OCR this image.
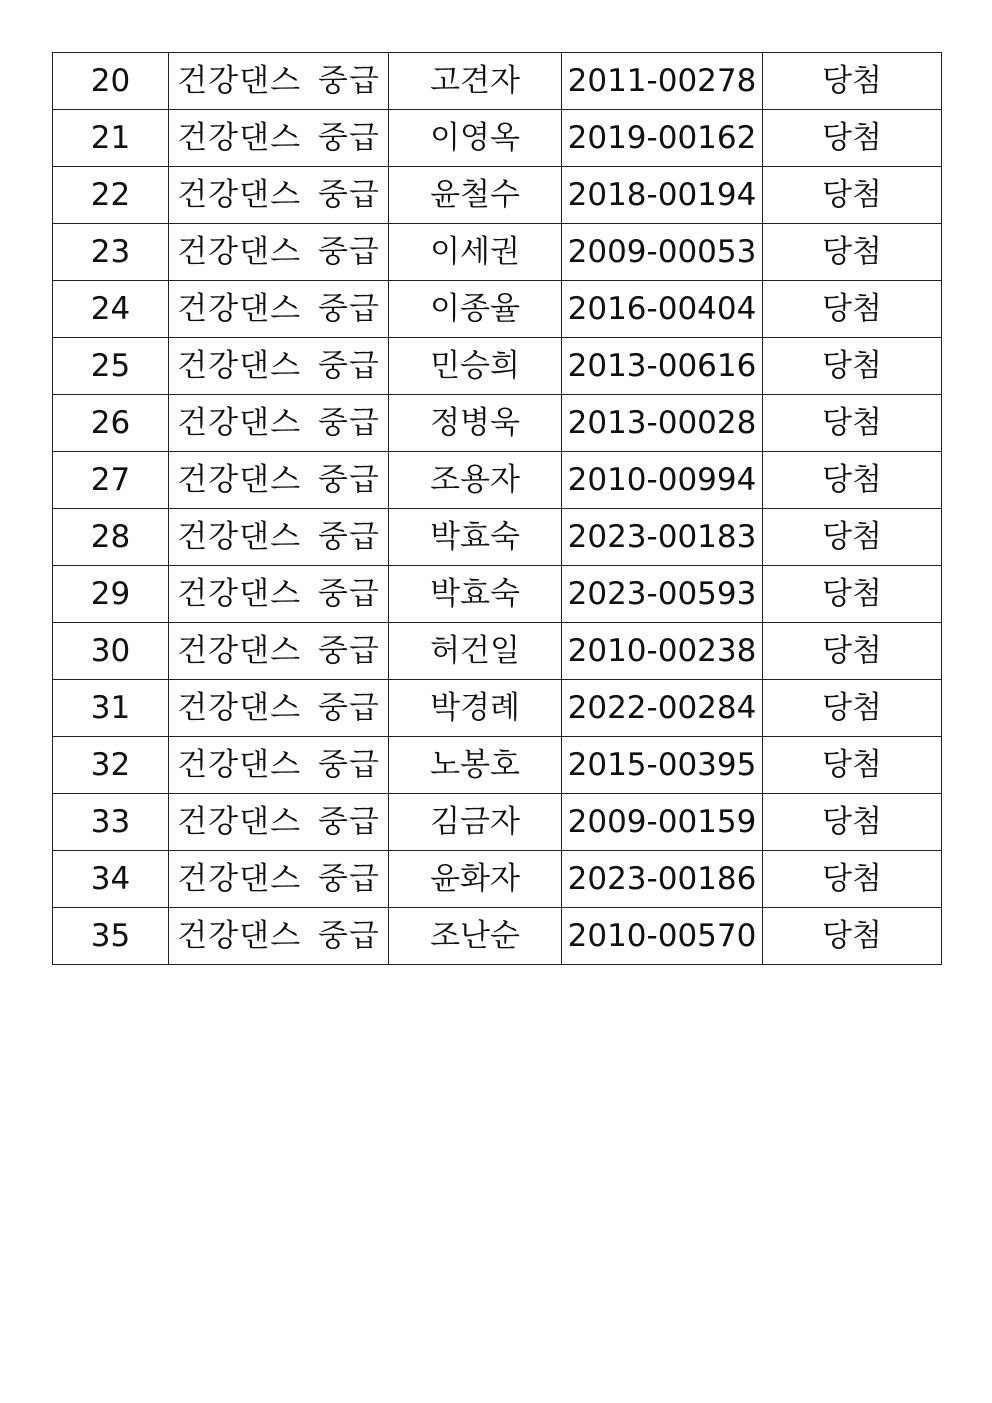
20	건강댄스 중급	고견자	2011-00278	당첨
21	건강댄스 중급	이영옥	2019-00162	당첨
22	건강댄스 중급	윤철수	2018-00194	당첨
23	건강댄스 중급	이세권	2009-00053	당첨
24	건강댄스 중급	이종율	2016-00404	당첨
25	건강댄스 중급	민승희	2013-00616	당첨
26	건강댄스 중급	정병욱	2013-00028	당첨
27	건강댄스 중급	조용자	2010-00994	당첨
28	건강댄스 중급	박효숙	2023-00183	당첨
29	건강댄스 중급	박효숙	2023-00593	당첨
30	건강댄스 중급	허건일	2010-00238	당첨
31	건강댄스 중급	박경례	2022-00284	당첨
32	건강댄스 중급	노봉호	2015-00395	당첨
33	건강댄스 중급	김금자	2009-00159	당첨
34	건강댄스 중급	윤화자	2023-00186	당첨
35	건강댄스 중급	조난순	2010-00570	당첨
